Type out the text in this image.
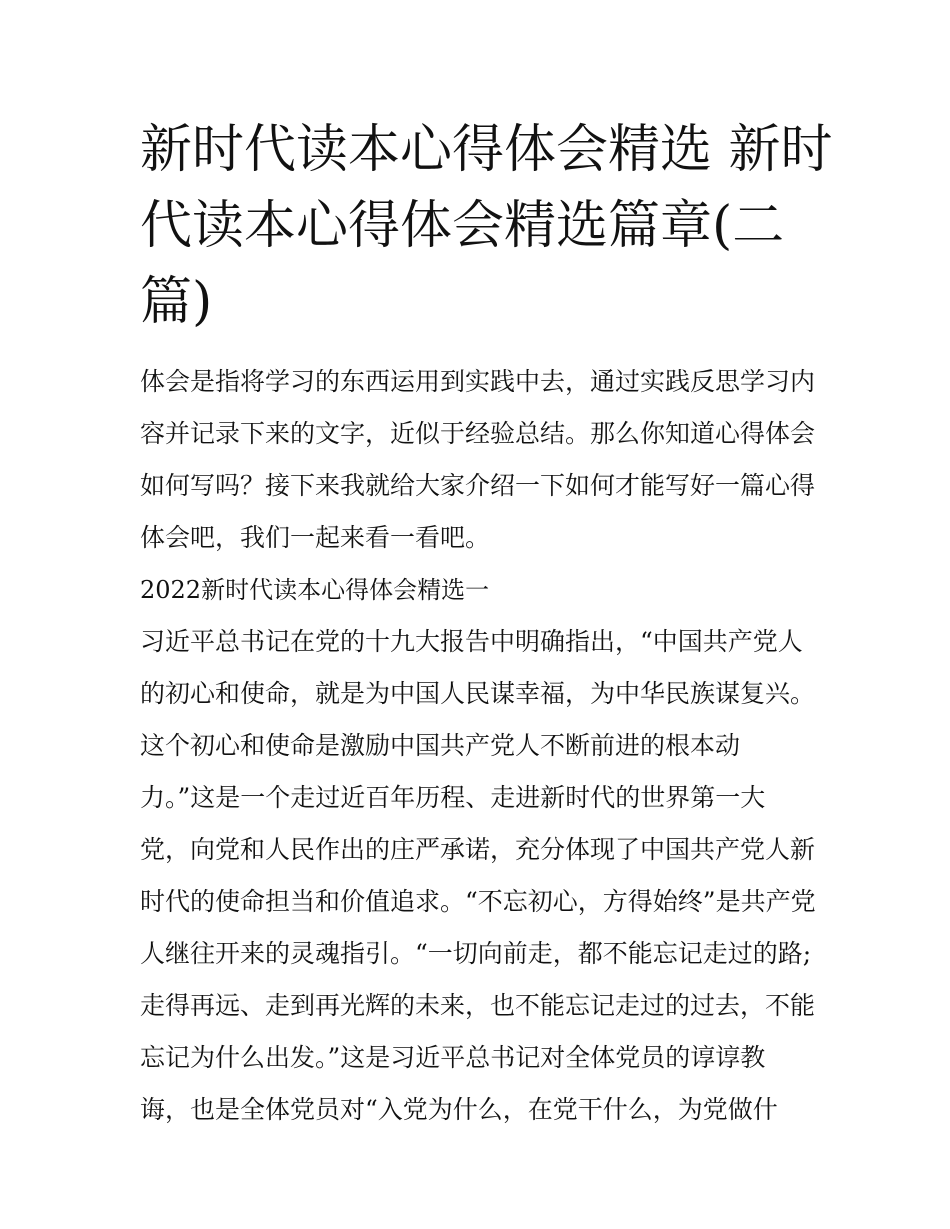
新时代读本心得体会精选 新时
代读本心得体会精选篇章(二
篇)
体会是指将学习的东西运用到实践中去，通过实践反思学习内
容并记录下来的文字，近似于经验总结。那么你知道心得体会
如何写吗？接下来我就给大家介绍一下如何才能写好一篇心得
体会吧，我们一起来看一看吧。
2022新时代读本心得体会精选一
习近平总书记在党的十九大报告中明确指出，“中国共产党人
的初心和使命，就是为中国人民谋幸福，为中华民族谋复兴。
这个初心和使命是激励中国共产党人不断前进的根本动
力。”这是一个走过近百年历程、走进新时代的世界第一大
党，向党和人民作出的庄严承诺，充分体现了中国共产党人新
时代的使命担当和价值追求。“不忘初心，方得始终”是共产党
人继往开来的灵魂指引。“一切向前走，都不能忘记走过的路;
走得再远、走到再光辉的未来，也不能忘记走过的过去，不能
忘记为什么出发。”这是习近平总书记对全体党员的谆谆教
诲，也是全体党员对“入党为什么，在党干什么，为党做什
